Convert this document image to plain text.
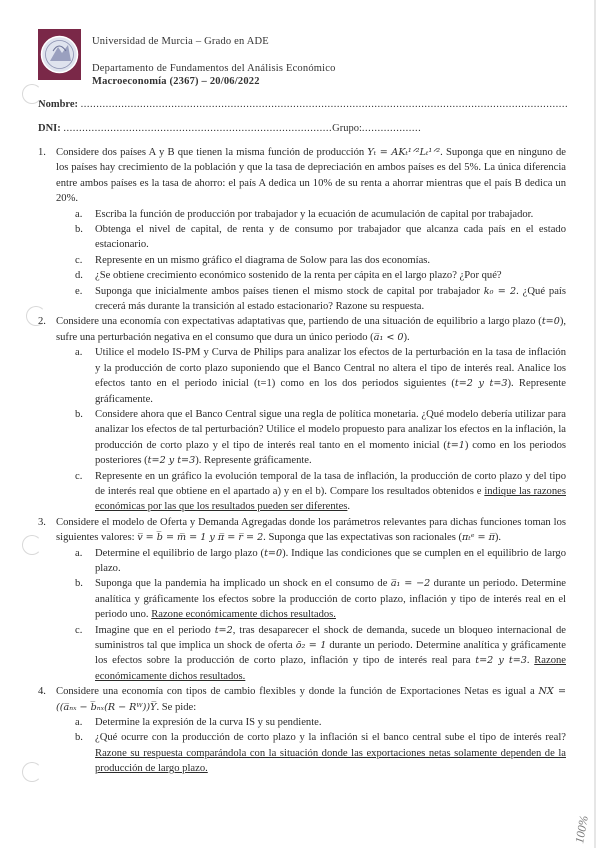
Universidad de Murcia – Grado en ADE
Departamento de Fundamentos del Análisis Económico
Macroeconomía (2367) – 20/06/2022
Nombre: ............................................................................................................................................................
DNI: ......................................................................................Grupo:...................
1. Considere dos países A y B que tienen la misma función de producción Yₜ = AKₜ¹ᐟ²Lₜ¹ᐟ². Suponga que en ninguno de los países hay crecimiento de la población y que la tasa de depreciación en ambos países es del 5%. La única diferencia entre ambos países es la tasa de ahorro: el país A dedica un 10% de su renta a ahorrar mientras que el país B dedica un 20%.
a. Escriba la función de producción por trabajador y la ecuación de acumulación de capital por trabajador.
b. Obtenga el nivel de capital, de renta y de consumo por trabajador que alcanza cada país en el estado estacionario.
c. Represente en un mismo gráfico el diagrama de Solow para las dos economías.
d. ¿Se obtiene crecimiento económico sostenido de la renta per cápita en el largo plazo? ¿Por qué?
e. Suponga que inicialmente ambos países tienen el mismo stock de capital por trabajador k₀ = 2. ¿Qué país crecerá más durante la transición al estado estacionario? Razone su respuesta.
2. Considere una economía con expectativas adaptativas que, partiendo de una situación de equilibrio a largo plazo (t=0), sufre una perturbación negativa en el consumo que dura un único periodo (a̅₁ < 0).
a. Utilice el modelo IS-PM y Curva de Philips para analizar los efectos de la perturbación en la tasa de inflación y la producción de corto plazo suponiendo que el Banco Central no altera el tipo de interés real. Analice los efectos tanto en el periodo inicial (t=1) como en los dos periodos siguientes (t=2 y t=3). Represente gráficamente.
b. Considere ahora que el Banco Central sigue una regla de política monetaria. ¿Qué modelo debería utilizar para analizar los efectos de tal perturbación? Utilice el modelo propuesto para analizar los efectos en la inflación, la producción de corto plazo y el tipo de interés real tanto en el momento inicial (t=1) como en los periodos posteriores (t=2 y t=3). Represente gráficamente.
c. Represente en un gráfico la evolución temporal de la tasa de inflación, la producción de corto plazo y del tipo de interés real que obtiene en el apartado a) y en el b). Compare los resultados obtenidos e indique las razones económicas por las que los resultados pueden ser diferentes.
3. Considere el modelo de Oferta y Demanda Agregadas donde los parámetros relevantes para dichas funciones toman los siguientes valores: v̅ = b̅ = m̅ = 1 y π̅ = r̅ = 2. Suponga que las expectativas son racionales (πₜᵉ = π̅).
a. Determine el equilibrio de largo plazo (t=0). Indique las condiciones que se cumplen en el equilibrio de largo plazo.
b. Suponga que la pandemia ha implicado un shock en el consumo de a̅₁ = −2 durante un periodo. Determine analítica y gráficamente los efectos sobre la producción de corto plazo, inflación y tipo de interés real en el periodo uno. Razone económicamente dichos resultados.
c. Imagine que en el periodo t=2, tras desaparecer el shock de demanda, sucede un bloqueo internacional de suministros tal que implica un shock de oferta ō₂ = 1 durante un periodo. Determine analítica y gráficamente los efectos sobre la producción de corto plazo, inflación y tipo de interés real para t=2 y t=3. Razone económicamente dichos resultados.
4. Considere una economía con tipos de cambio flexibles y donde la función de Exportaciones Netas es igual a NX = ((a̅ₙₓ − b̅ₙₓ(R − Rᵂ))Y̅. Se pide:
a. Determine la expresión de la curva IS y su pendiente.
b. ¿Qué ocurre con la producción de corto plazo y la inflación si el banco central sube el tipo de interés real? Razone su respuesta comparándola con la situación donde las exportaciones netas solamente dependen de la producción de largo plazo.
100%
